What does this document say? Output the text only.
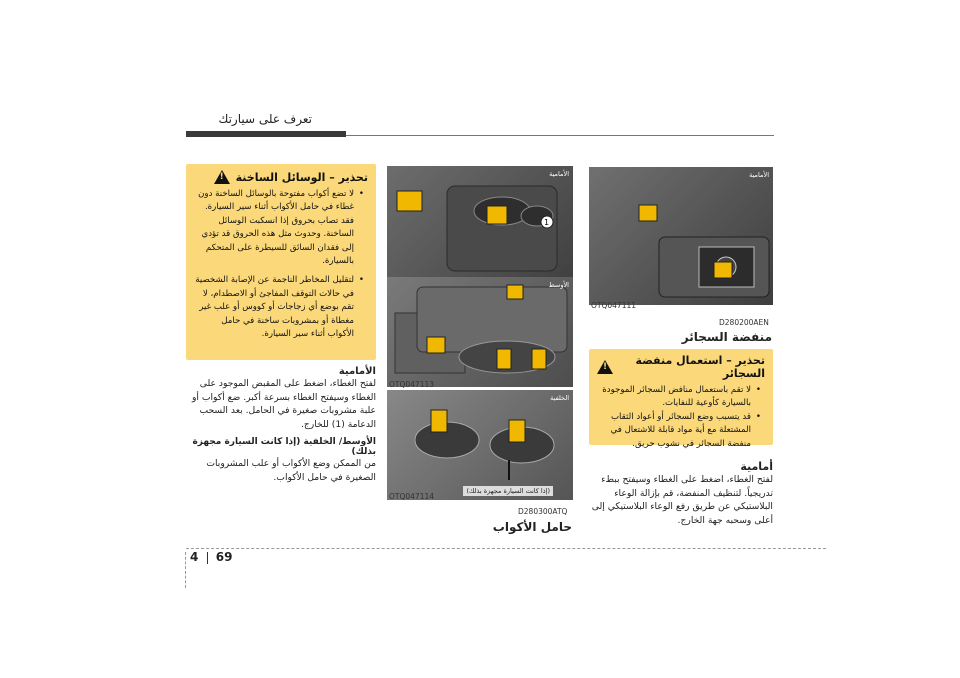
تعرف على سيارتك
تحذير – الوسائل الساخنة
!
• لا تضع أكواب مفتوحة بالوسائل الساخنة دون غطاء في حامل الأكواب أثناء سير السيارة. فقد تصاب بحروق إذا انسكبت الوسائل الساخنة. وحدوث مثل هذه الحروق قد تؤدي إلى فقدان السائق للسيطرة على المتحكم بالسيارة.
• لتقليل المخاطر الناجمة عن الإصابة الشخصية في حالات التوقف المفاجئ أو الاصطدام، لا تقم بوضع أي زجاجات أو كووس أو علب غير مغطاة أو بمشروبات ساخنة في حامل الأكواب أثناء سير السيارة.
الأمامية
لفتح الغطاء، اضغط على المقبض الموجود على الغطاء وسيفتح الغطاء بسرعة أكبر. ضع أكواب أو علبة مشروبات صغيرة في الحامل. بعد السحب الدعامة (1) للخارج.
الأوسط/ الخلفية (إذا كانت السيارة مجهزة بذلك)
من الممكن وضع الأكواب أو علب المشروبات الصغيرة في حامل الأكواب.
1
الأمامية
الأوسط
OTQ047113
الخلفية
(إذا كانت السيارة مجهزة بذلك)
OTQ047114
D280300ATQ
حامل الأكواب
الأمامية
OTQ047111
D280200AEN
منفضة السجائر
تحذير – استعمال منفضة السجائر
!
• لا تقم باستعمال منافض السجائر الموجودة بالسيارة كأوعية للنفايات.
• قد يتسبب وضع السجائر أو أعواد الثقاب المشتعلة مع أية مواد قابلة للاشتعال في منفضة السجائر في نشوب حريق.
أمامية
لفتح الغطاء، اضغط على الغطاء وسيفتح ببطء تدريجياً. لتنظيف المنفضة، قم بإزالة الوعاء البلاستيكي عن طريق رفع الوعاء البلاستيكي إلى أعلى وسحبه جهة الخارج.
4 69
